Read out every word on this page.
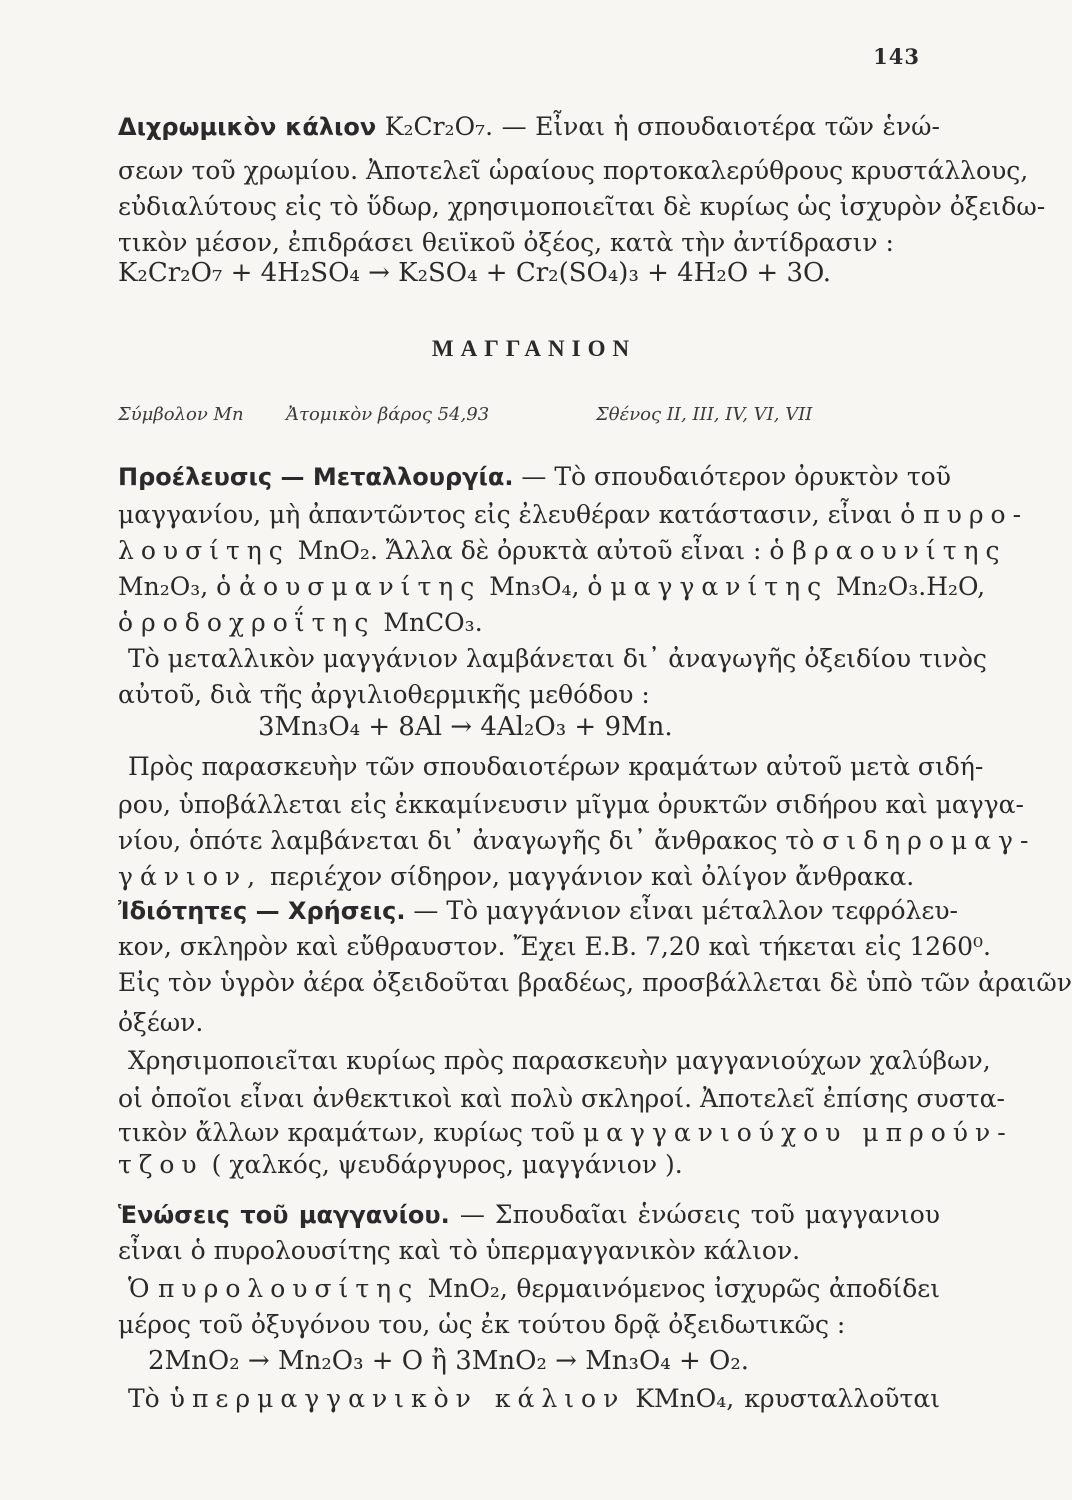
143
Διχρωμικὸν κάλιον K₂Cr₂O₇. — Εἶναι ἡ σπουδαιοτέρα τῶν ἑνώ-
σεων τοῦ χρωμίου. Ἀποτελεῖ ὡραίους πορτοκαλερύθρους κρυστάλλους,
εὐδιαλύτους εἰς τὸ ὕδωρ, χρησιμοποιεῖται δὲ κυρίως ὡς ἰσχυρὸν ὀξειδω-
τικὸν μέσον, ἐπιδράσει θειϊκοῦ ὀξέος, κατὰ τὴν ἀντίδρασιν :
K₂Cr₂O₇ + 4H₂SO₄ → K₂SO₄ + Cr₂(SO₄)₃ + 4H₂O + 3O.
ΜΑΓΓΑΝΙΟΝ
Σύμβολον Mn Ἀτομικὸν βάρος 54,93	Σθένος II, III, IV, VI, VII
Προέλευσις — Μεταλλουργία. — Τὸ σπουδαιότερον ὀρυκτὸν τοῦ
μαγγανίου, μὴ ἀπαντῶντος εἰς ἐλευθέραν κατάστασιν, εἶναι ὁ πυρο-
λουσίτης MnO₂. Ἄλλα δὲ ὀρυκτὰ αὐτοῦ εἶναι : ὁ βραουνίτης
Mn₂O₃, ὁ ἀουσμανίτης Mn₃O₄, ὁ μαγγανίτης Mn₂O₃.H₂O,
ὁ ροδοχροΐτης MnCO₃.
Τὸ μεταλλικὸν μαγγάνιον λαμβάνεται δι᾽ ἀναγωγῆς ὀξειδίου τινὸς
αὐτοῦ, διὰ τῆς ἀργιλιοθερμικῆς μεθόδου :
3Mn₃O₄ + 8Al → 4Al₂O₃ + 9Mn.
Πρὸς παρασκευὴν τῶν σπουδαιοτέρων κραμάτων αὐτοῦ μετὰ σιδή-
ρου, ὑποβάλλεται εἰς ἐκκαμίνευσιν μῖγμα ὀρυκτῶν σιδήρου καὶ μαγγα-
νίου, ὁπότε λαμβάνεται δι᾽ ἀναγωγῆς δι᾽ ἄνθρακος τὸ σιδηρομαγ-
γάνιον, περιέχον σίδηρον, μαγγάνιον καὶ ὀλίγον ἄνθρακα.
Ἰδιότητες — Χρήσεις. — Τὸ μαγγάνιον εἶναι μέταλλον τεφρόλευ-
κον, σκληρὸν καὶ εὔθραυστον. Ἔχει Ε.Β. 7,20 καὶ τήκεται εἰς 1260⁰.
Εἰς τὸν ὑγρὸν ἀέρα ὀξειδοῦται βραδέως, προσβάλλεται δὲ ὑπὸ τῶν ἀραιῶν
ὀξέων.
Χρησιμοποιεῖται κυρίως πρὸς παρασκευὴν μαγγανιούχων χαλύβων,
οἱ ὁποῖοι εἶναι ἀνθεκτικοὶ καὶ πολὺ σκληροί. Ἀποτελεῖ ἐπίσης συστα-
τικὸν ἄλλων κραμάτων, κυρίως τοῦ μαγγανιούχου μπρούν-
τζου ( χαλκός, ψευδάργυρος, μαγγάνιον ).
Ἑνώσεις τοῦ μαγγανίου. — Σπουδαῖαι ἑνώσεις τοῦ μαγγανιου
εἶναι ὁ πυρολουσίτης καὶ τὸ ὑπερμαγγανικὸν κάλιον.
Ὁ πυρολουσίτης MnO₂, θερμαινόμενος ἰσχυρῶς ἀποδίδει
μέρος τοῦ ὀξυγόνου του, ὡς ἐκ τούτου δρᾷ ὀξειδωτικῶς :
2MnO₂ → Mn₂O₃ + O ἢ 3MnO₂ → Mn₃O₄ + O₂.
Τὸ ὑπερμαγγανικὸν κάλιον KMnO₄, κρυσταλλοῦται
